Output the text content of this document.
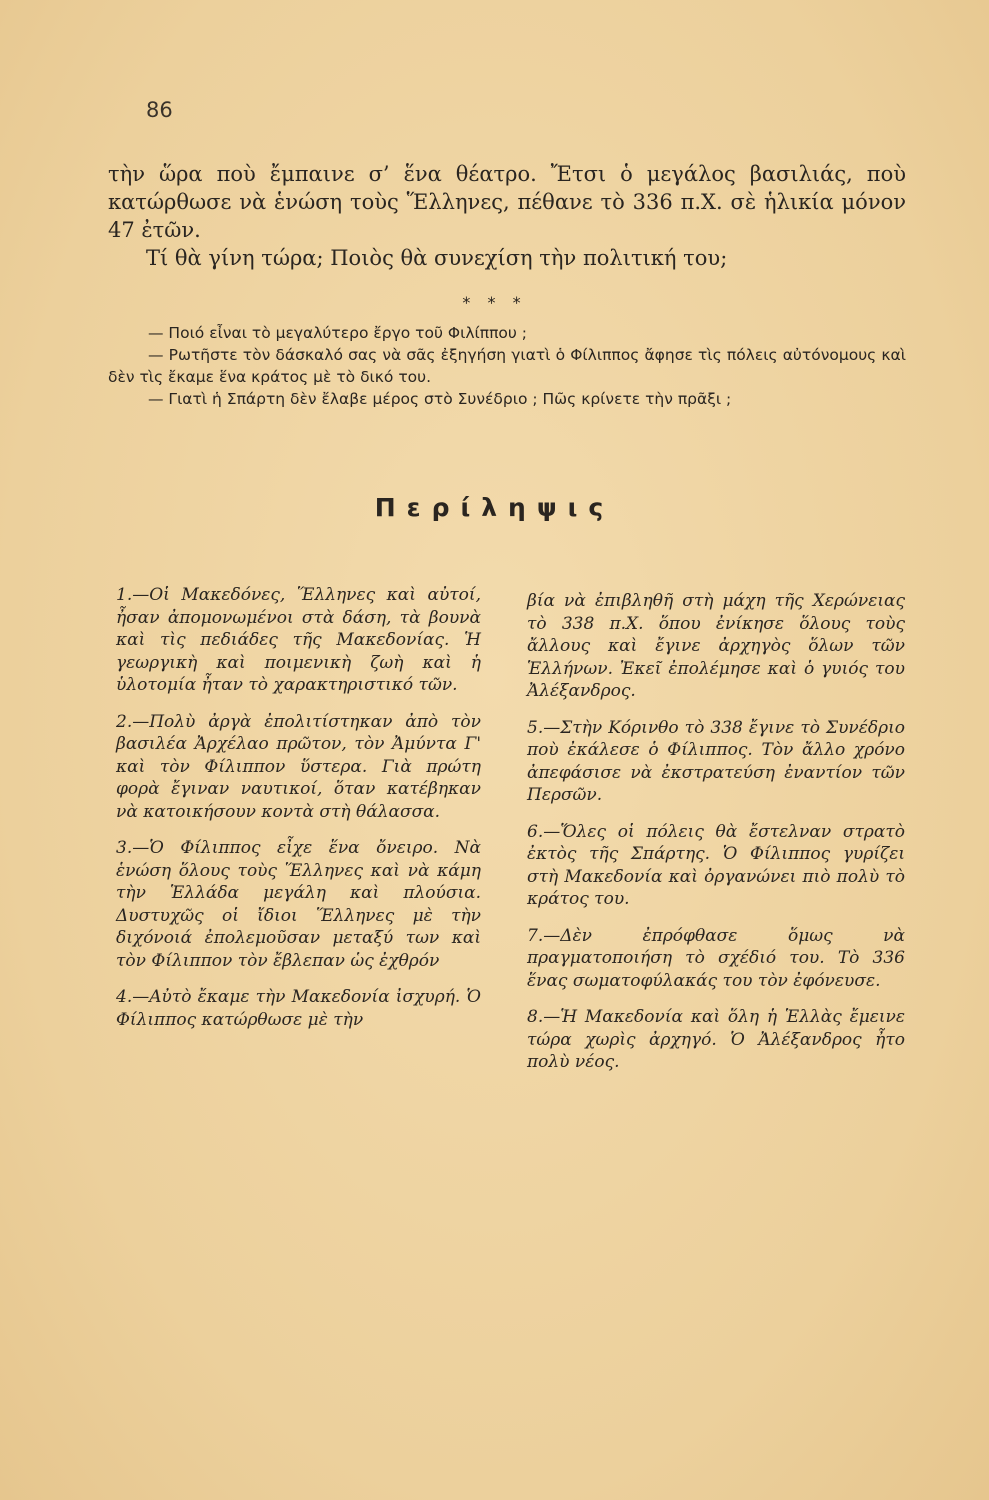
86

τὴν ὥρα ποὺ ἔμπαινε σ’ ἕνα θέατρο. Ἔτσι ὁ μεγάλος βασιλιάς, ποὺ κατώρθωσε νὰ ἑνώση τοὺς Ἕλληνες, πέθανε τὸ 336 π.Χ. σὲ ἡλικία μόνον 47 ἐτῶν.

Τί θὰ γίνη τώρα; Ποιὸς θὰ συνεχίση τὴν πολιτική του;

* * *

— Ποιό εἶναι τὸ μεγαλύτερο ἔργο τοῦ Φιλίππου ;

— Ρωτῆστε τὸν δάσκαλό σας νὰ σᾶς ἐξηγήση γιατὶ ὁ Φίλιππος ἄφησε τὶς πόλεις αὐτόνομους καὶ δὲν τὶς ἔκαμε ἕνα κράτος μὲ τὸ δικό του.

— Γιατὶ ἡ Σπάρτη δὲν ἔλαβε μέρος στὸ Συνέδριο ; Πῶς κρίνετε τὴν πρᾶξι ;

Περίληψις

1.—Οἱ Μακεδόνες, Ἕλληνες καὶ αὐτοί, ἦσαν ἀπομονωμένοι στὰ δάση, τὰ βουνὰ καὶ τὶς πεδιάδες τῆς Μακεδονίας. Ἡ γεωργικὴ καὶ ποιμενικὴ ζωὴ καὶ ἡ ὑλοτομία ἦταν τὸ χαρακτηριστικό τῶν.

2.—Πολὺ ἀργὰ ἐπολιτίστηκαν ἀπὸ τὸν βασιλέα Ἀρχέλαο πρῶτον, τὸν Ἀμύντα Γ' καὶ τὸν Φίλιππον ὕστερα. Γιὰ πρώτη φορὰ ἔγιναν ναυτικοί, ὅταν κατέβηκαν νὰ κατοικήσουν κοντὰ στὴ θάλασσα.

3.—Ὁ Φίλιππος εἶχε ἕνα ὄνειρο. Νὰ ἑνώση ὅλους τοὺς Ἕλληνες καὶ νὰ κάμη τὴν Ἑλλάδα μεγάλη καὶ πλούσια. Δυστυχῶς οἱ ἴδιοι Ἕλληνες μὲ τὴν διχόνοιά ἐπολεμοῦσαν μεταξύ των καὶ τὸν Φίλιππον τὸν ἔβλεπαν ὡς ἐχθρόν

4.—Αὐτὸ ἔκαμε τὴν Μακεδονία ἰσχυρή. Ὁ Φίλιππος κατώρθωσε μὲ τὴν

βία νὰ ἐπιβληθῆ στὴ μάχη τῆς Χερώνειας τὸ 338 π.Χ. ὅπου ἐνίκησε ὅλους τοὺς ἄλλους καὶ ἔγινε ἀρχηγὸς ὅλων τῶν Ἑλλήνων. Ἐκεῖ ἐπολέμησε καὶ ὁ γυιός του Ἀλέξανδρος.

5.—Στὴν Κόρινθο τὸ 338 ἔγινε τὸ Συνέδριο ποὺ ἐκάλεσε ὁ Φίλιππος. Τὸν ἄλλο χρόνο ἀπεφάσισε νὰ ἐκστρατεύση ἐναντίον τῶν Περσῶν.

6.—Ὅλες οἱ πόλεις θὰ ἔστελναν στρατὸ ἐκτὸς τῆς Σπάρτης. Ὁ Φίλιππος γυρίζει στὴ Μακεδονία καὶ ὀργανώνει πιὸ πολὺ τὸ κράτος του.

7.—Δὲν ἐπρόφθασε ὅμως νὰ πραγματοποιήση τὸ σχέδιό του. Τὸ 336 ἕνας σωματοφύλακάς του τὸν ἐφόνευσε.

8.—Ἡ Μακεδονία καὶ ὅλη ἡ Ἑλλὰς ἔμεινε τώρα χωρὶς ἀρχηγό. Ὁ Ἀλέξανδρος ἦτο πολὺ νέος.
